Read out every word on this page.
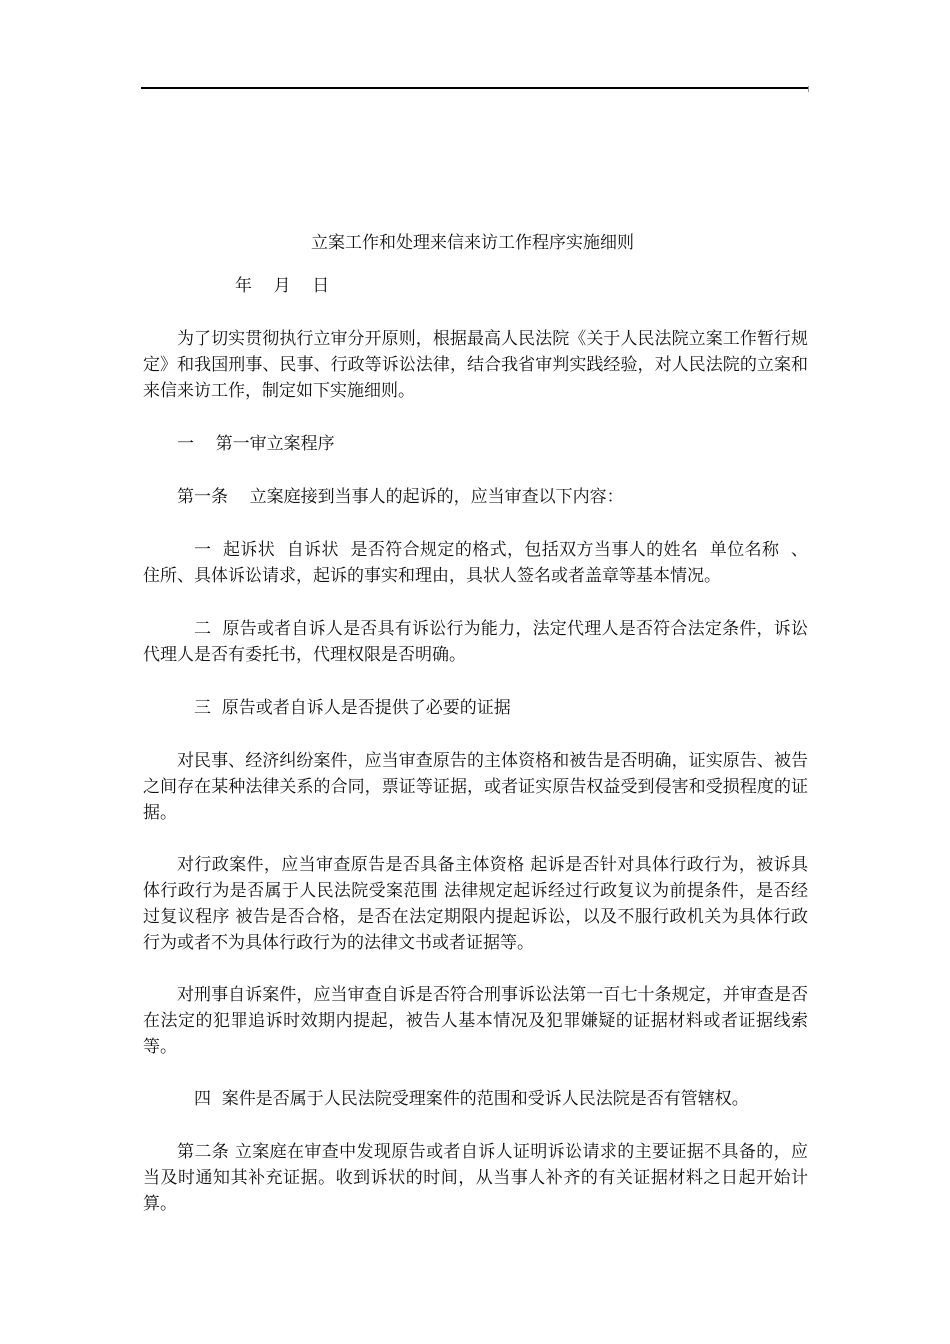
立案工作和处理来信来访工作程序实施细则
年    月    日

为了切实贯彻执行立审分开原则，根据最高人民法院《关于人民法院立案工作暂行规定》和我国刑事、民事、行政等诉讼法律，结合我省审判实践经验，对人民法院的立案和来信来访工作，制定如下实施细则。

一    第一审立案程序
第一条    立案庭接到当事人的起诉的，应当审查以下内容：

一  起诉状  自诉状  是否符合规定的格式，包括双方当事人的姓名  单位名称  、住所、具体诉讼请求，起诉的事实和理由，具状人签名或者盖章等基本情况。

二  原告或者自诉人是否具有诉讼行为能力，法定代理人是否符合法定条件，诉讼代理人是否有委托书，代理权限是否明确。

三  原告或者自诉人是否提供了必要的证据

对民事、经济纠纷案件，应当审查原告的主体资格和被告是否明确，证实原告、被告之间存在某种法律关系的合同，票证等证据，或者证实原告权益受到侵害和受损程度的证据。

对行政案件，应当审查原告是否具备主体资格 起诉是否针对具体行政行为，被诉具体行政行为是否属于人民法院受案范围 法律规定起诉经过行政复议为前提条件，是否经过复议程序 被告是否合格，是否在法定期限内提起诉讼，以及不服行政机关为具体行政行为或者不为具体行政行为的法律文书或者证据等。

对刑事自诉案件，应当审查自诉是否符合刑事诉讼法第一百七十条规定，并审查是否在法定的犯罪追诉时效期内提起，被告人基本情况及犯罪嫌疑的证据材料或者证据线索等。

四  案件是否属于人民法院受理案件的范围和受诉人民法院是否有管辖权。

第二条 立案庭在审查中发现原告或者自诉人证明诉讼请求的主要证据不具备的，应当及时通知其补充证据。收到诉状的时间，从当事人补齐的有关证据材料之日起开始计算。
